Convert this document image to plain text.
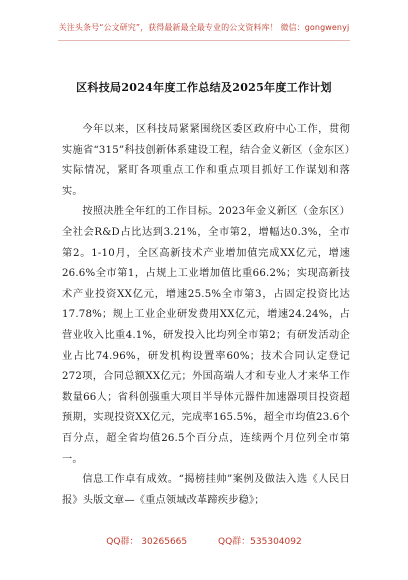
关注头条号“公文研究”，获得最新最全最专业的公文资料库！ 微信：gongwenyj
区科技局2024年度工作总结及2025年度工作计划

今年以来，区科技局紧紧围绕区委区政府中心工作，贯彻实施省“315”科技创新体系建设工程，结合金义新区（金东区）实际情况，紧盯各项重点工作和重点项目抓好工作谋划和落实。

按照决胜全年红的工作目标。2023年金义新区（金东区）全社会R&D占比达到3.21%，全市第2，增幅达0.3%，全市第2。1-10月，全区高新技术产业增加值完成XX亿元，增速26.6%全市第1，占规上工业增加值比重66.2%；实现高新技术产业投资XX亿元，增速25.5%全市第3，占固定投资比达17.78%；规上工业企业研发费用XX亿元，增速24.24%，占营业收入比重4.1%，研发投入比均列全市第2；有研发活动企业占比74.96%，研发机构设置率60%；技术合同认定登记272项，合同总额XX亿元；外国高端人才和专业人才来华工作数量66人；省科创强重大项目半导体元器件加速器项目投资超预期，实现投资XX亿元，完成率165.5%，超全市均值23.6个百分点，超全省均值26.5个百分点，连续两个月位列全市第一。

信息工作卓有成效。“揭榜挂帅”案例及做法入选《人民日报》头版文章—《重点领域改革蹄疾步稳》；

QQ群： 30265665	QQ群：535304092
